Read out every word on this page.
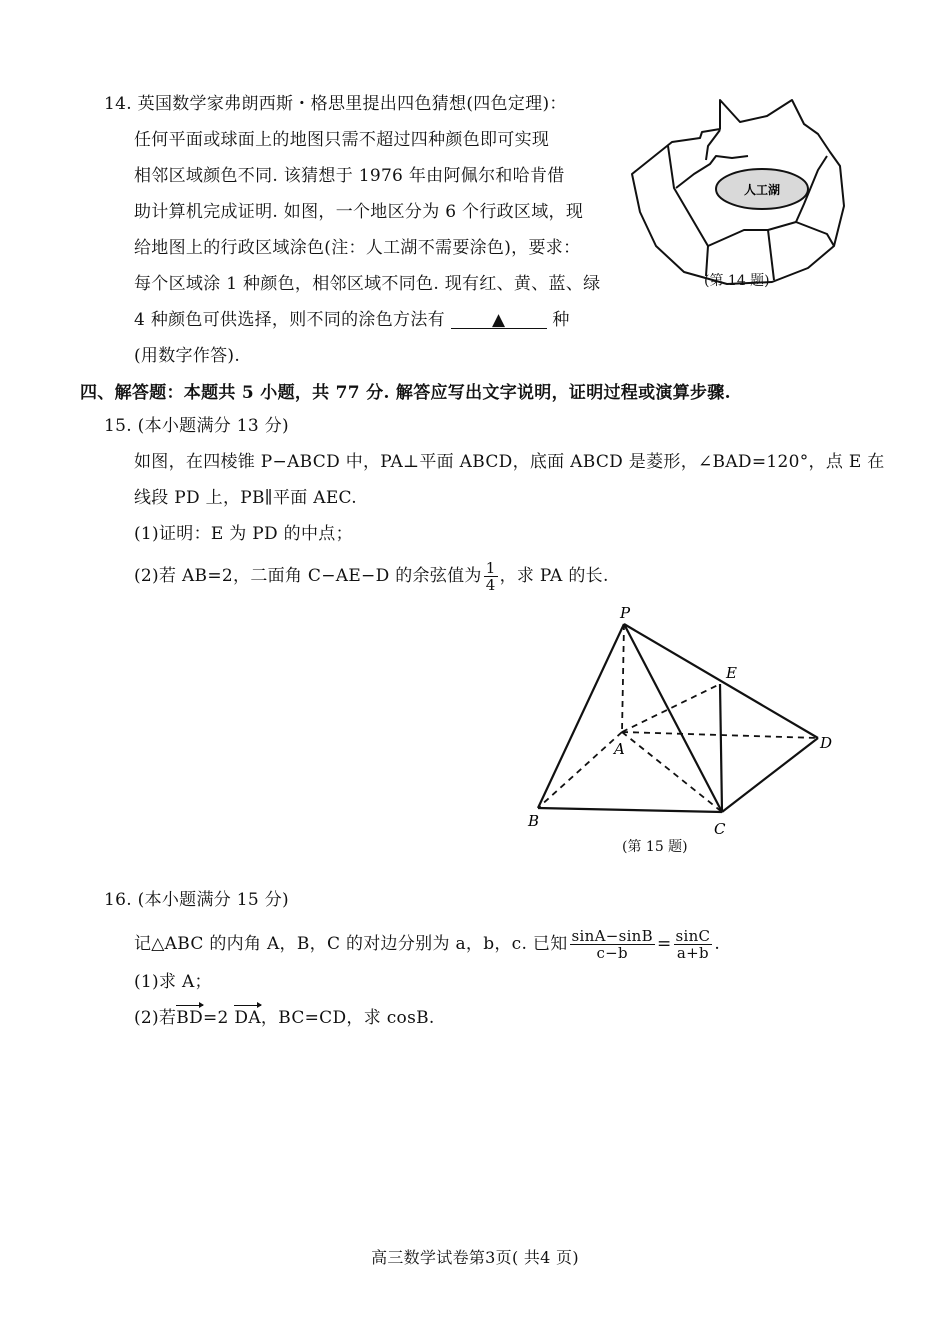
14. 英国数学家弗朗西斯・格思里提出四色猜想(四色定理)：
任何平面或球面上的地图只需不超过四种颜色即可实现
相邻区域颜色不同. 该猜想于 1976 年由阿佩尔和哈肯借
助计算机完成证明. 如图，一个地区分为 6 个行政区域，现
给地图上的行政区域涂色(注：人工湖不需要涂色)，要求：
每个区域涂 1 种颜色，相邻区域不同色. 现有红、黄、蓝、绿
4 种颜色可供选择，则不同的涂色方法有	▲	种
(用数字作答).
人工湖
(第 14 题)
四、解答题：本题共 5 小题，共 77 分. 解答应写出文字说明，证明过程或演算步骤.
15. (本小题满分 13 分)
如图，在四棱锥 P−ABCD 中，PA⊥平面 ABCD，底面 ABCD 是菱形，∠BAD=120°，点 E 在
线段 PD 上，PB∥平面 AEC.
(1)证明：E 为 PD 的中点；
(2)若 AB=2，二面角 C−AE−D 的余弦值为 $\frac{1}{4}$ ，求 PA 的长.
P
E
A	D
B	C
(第 15 题)
16. (本小题满分 15 分)
记△ABC 的内角 A，B，C 的对边分别为 a，b，c. 已知 $\frac{\sin A-\sin B}{c-b} = \frac{\sin C}{a+b}$ .
(1)求 A；
(2)若BD=2 DA，BC=CD，求 cosB.
高三数学试卷第3页( 共4 页)
